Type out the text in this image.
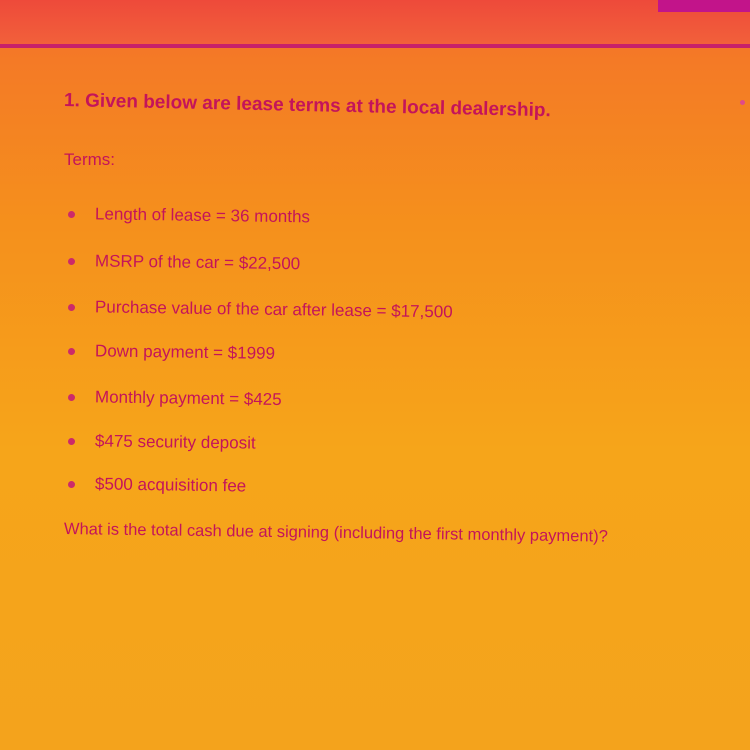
1. Given below are lease terms at the local dealership.
Terms:
Length of lease = 36 months
MSRP of the car = $22,500
Purchase value of the car after lease = $17,500
Down payment = $1999
Monthly payment = $425
$475 security deposit
$500 acquisition fee
What is the total cash due at signing (including the first monthly payment)?
